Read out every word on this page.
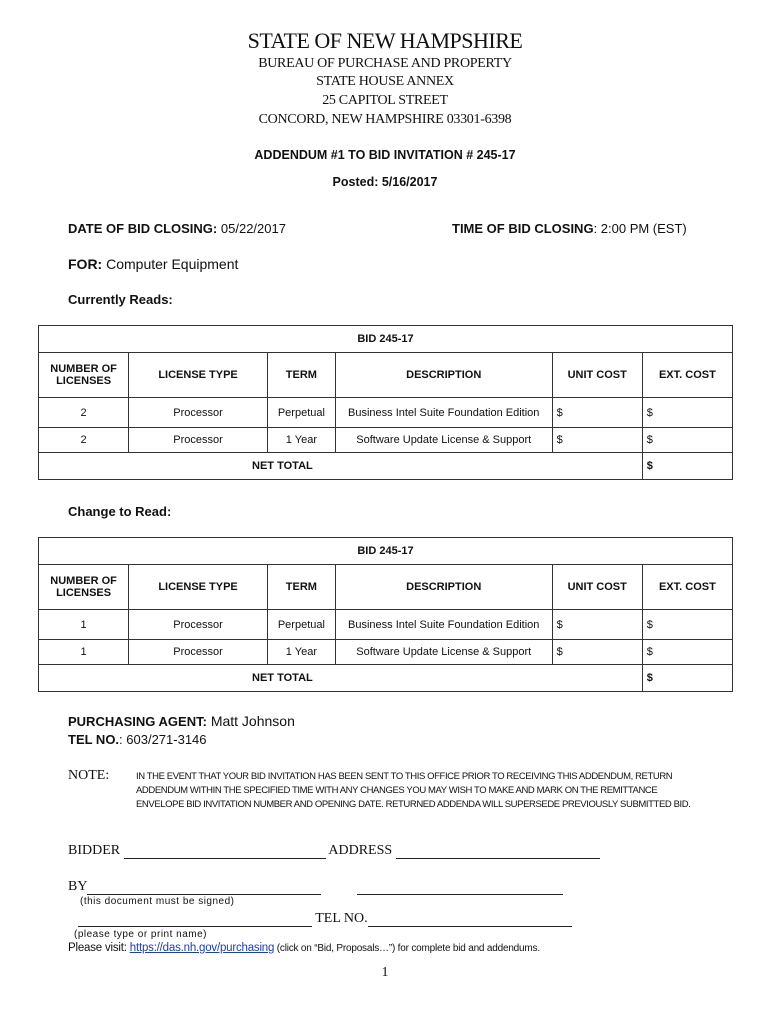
STATE OF NEW HAMPSHIRE
BUREAU OF PURCHASE AND PROPERTY
STATE HOUSE ANNEX
25 CAPITOL STREET
CONCORD, NEW HAMPSHIRE 03301-6398
ADDENDUM #1 TO BID INVITATION # 245-17
Posted: 5/16/2017
DATE OF BID CLOSING: 05/22/2017	TIME OF BID CLOSING: 2:00 PM (EST)
FOR: Computer Equipment
Currently Reads:
BID 245-17					
NUMBER OF LICENSES	LICENSE TYPE	TERM	DESCRIPTION	UNIT COST	EXT. COST
2	Processor	Perpetual	Business Intel Suite Foundation Edition	$	$
2	Processor	1 Year	Software Update License & Support	$	$
NET TOTAL					$
Change to Read:
BID 245-17					
NUMBER OF LICENSES	LICENSE TYPE	TERM	DESCRIPTION	UNIT COST	EXT. COST
1	Processor	Perpetual	Business Intel Suite Foundation Edition	$	$
1	Processor	1 Year	Software Update License & Support	$	$
NET TOTAL					$
PURCHASING AGENT: Matt Johnson
TEL NO.: 603/271-3146
NOTE:	IN THE EVENT THAT YOUR BID INVITATION HAS BEEN SENT TO THIS OFFICE PRIOR TO RECEIVING THIS ADDENDUM, RETURN ADDENDUM WITHIN THE SPECIFIED TIME WITH ANY CHANGES YOU MAY WISH TO MAKE AND MARK ON THE REMITTANCE ENVELOPE BID INVITATION NUMBER AND OPENING DATE. RETURNED ADDENDA WILL SUPERSEDE PREVIOUSLY SUBMITTED BID.
BIDDER	ADDRESS
BY
(this document must be signed)
TEL NO.
(please type or print name)
Please visit: https://das.nh.gov/purchasing (click on “Bid, Proposals…”) for complete bid and addendums.
1
